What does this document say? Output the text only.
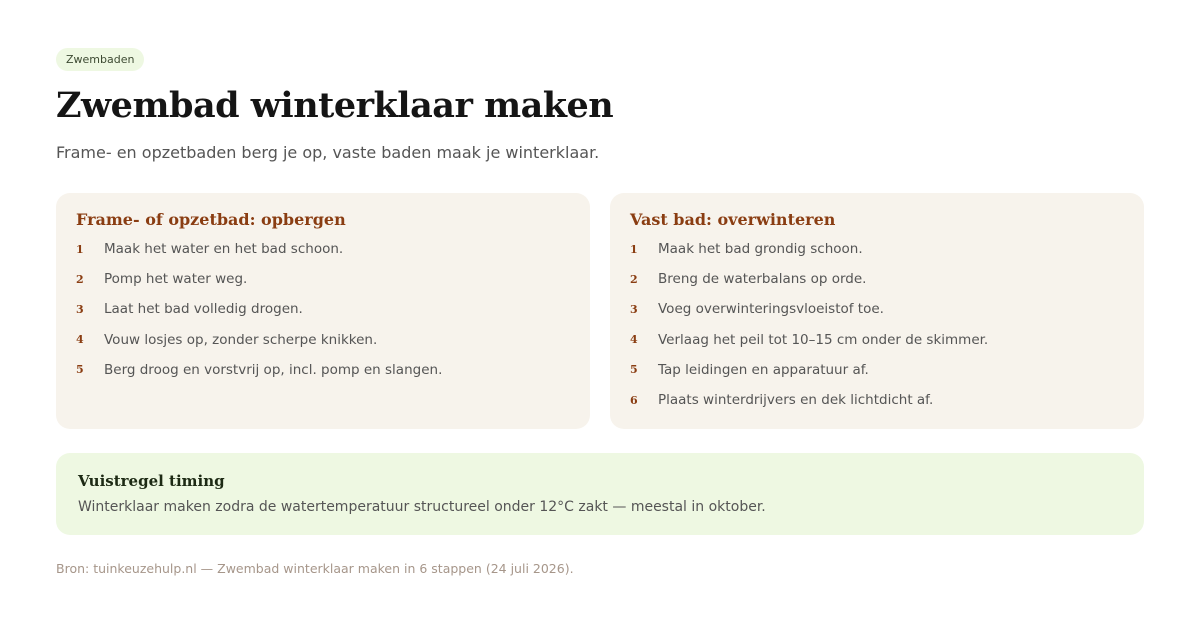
Zwembaden
Zwembad winterklaar maken

Frame- en opzetbaden berg je op, vaste baden maak je winterklaar.

Frame- of opzetbad: opbergen
1	Maak het water en het bad schoon.
2	Pomp het water weg.
3	Laat het bad volledig drogen.
4	Vouw losjes op, zonder scherpe knikken.
5	Berg droog en vorstvrij op, incl. pomp en slangen.
Vast bad: overwinteren
1	Maak het bad grondig schoon.
2	Breng de waterbalans op orde.
3	Voeg overwinteringsvloeistof toe.
4	Verlaag het peil tot 10–15 cm onder de skimmer.
5	Tap leidingen en apparatuur af.
6	Plaats winterdrijvers en dek lichtdicht af.
Vuistregel timing

Winterklaar maken zodra de watertemperatuur structureel onder 12°C zakt — meestal in oktober.

Bron: tuinkeuzehulp.nl — Zwembad winterklaar maken in 6 stappen (24 juli 2026).
